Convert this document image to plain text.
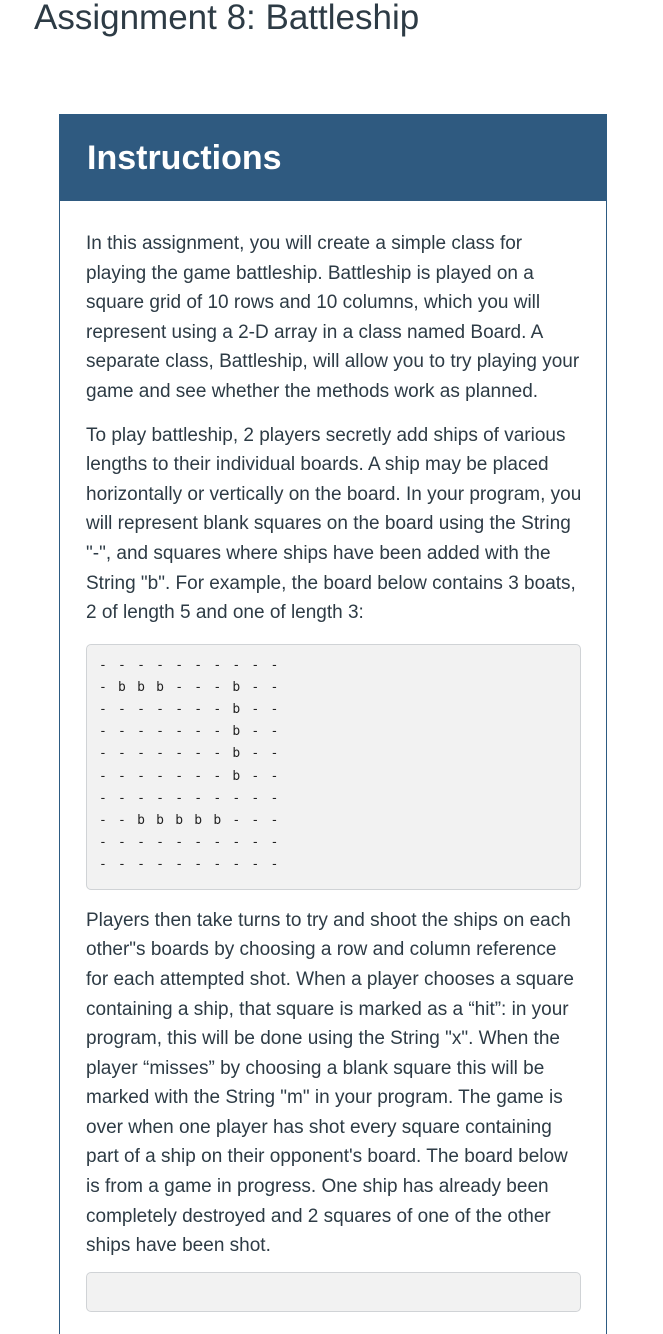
Assignment 8: Battleship
Instructions

In this assignment, you will create a simple class for playing the game battleship. Battleship is played on a square grid of 10 rows and 10 columns, which you will represent using a 2-D array in a class named Board. A separate class, Battleship, will allow you to try playing your game and see whether the methods work as planned.

To play battleship, 2 players secretly add ships of various lengths to their individual boards. A ship may be placed horizontally or vertically on the board. In your program, you will represent blank squares on the board using the String "-", and squares where ships have been added with the String "b". For example, the board below contains 3 boats, 2 of length 5 and one of length 3:

- - - - - - - - - -
- b b b - - - b - -
- - - - - - - b - -
- - - - - - - b - -
- - - - - - - b - -
- - - - - - - b - -
- - - - - - - - - -
- - b b b b b - - -
- - - - - - - - - -
- - - - - - - - - -

Players then take turns to try and shoot the ships on each other"s boards by choosing a row and column reference for each attempted shot. When a player chooses a square containing a ship, that square is marked as a “hit”: in your program, this will be done using the String "x". When the player “misses” by choosing a blank square this will be marked with the String "m" in your program. The game is over when one player has shot every square containing part of a ship on their opponent's board. The board below is from a game in progress. One ship has already been completely destroyed and 2 squares of one of the other ships have been shot.
